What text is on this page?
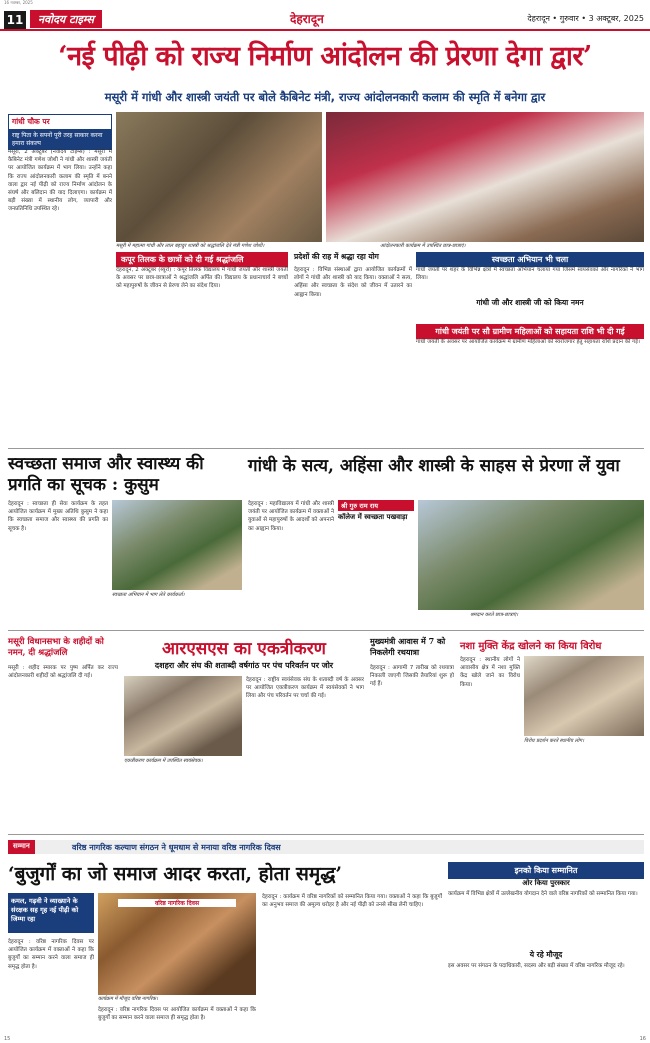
16 नवम्बर, 2025
11	नवोदय टाइम्स	देहरादून	देहरादून • गुरुवार • 3 अक्टूबर, 2025
‘नई पीढ़ी को राज्य निर्माण आंदोलन की प्रेरणा देगा द्वार’
मसूरी में गांधी और शास्त्री जयंती पर बोले कैबिनेट मंत्री, राज्य आंदोलनकारी कलाम की स्मृति में बनेगा द्वार
गांधी चौक पर
राष्ट्र पिता के सपनों पूरी तरह साकार करना हमारा संकल्प
मसूरी, 2 अक्टूबर (नवोदय टाइम्स) : मसूरी में कैबिनेट मंत्री गणेश जोशी ने गांधी और शास्त्री जयंती पर आयोजित कार्यक्रम में भाग लिया। उन्होंने कहा कि राज्य आंदोलनकारी कलाम की स्मृति में बनने वाला द्वार नई पीढ़ी को राज्य निर्माण आंदोलन के संघर्ष और बलिदान की याद दिलाएगा। कार्यक्रम में बड़ी संख्या में स्थानीय लोग, व्यापारी और जनप्रतिनिधि उपस्थित रहे।
मसूरी में महात्मा गांधी और लाल बहादुर शास्त्री को श्रद्धांजलि देते मंत्री गणेश जोशी।	आंदोलनकारी कार्यक्रम में उपस्थित छात्र-छात्राएं।
कपूर तिलक के छात्रों को दी गई श्रद्धांजलि
देहरादून, 2 अक्टूबर (ब्यूरो) : कपूर तिलक विद्यालय में गांधी जयंती और शास्त्री जयंती के अवसर पर छात्र-छात्राओं ने श्रद्धांजलि अर्पित की। विद्यालय के प्रधानाचार्य ने बच्चों को महापुरुषों के जीवन से प्रेरणा लेने का संदेश दिया।
प्रदेशों की राह में श्रद्धा रहा योग
देहरादून : विभिन्न संस्थाओं द्वारा आयोजित कार्यक्रमों में लोगों ने गांधी और शास्त्री को याद किया। वक्ताओं ने सत्य, अहिंसा और स्वच्छता के संदेश को जीवन में उतारने का आह्वान किया।
स्वच्छता अभियान भी चला
गांधी जयंती पर शहर के विभिन्न क्षेत्रों में स्वच्छता अभियान चलाया गया जिसमें स्वयंसेवकों और नागरिकों ने भाग लिया।
गांधी जी और शास्त्री जी को किया नमन
गांधी जयंती पर सौ ग्रामीण महिलाओं को सहायता राशि भी दी गई
गांधी जयंती के अवसर पर आयोजित कार्यक्रम में ग्रामीण महिलाओं को स्वरोजगार हेतु सहायता राशि प्रदान की गई।
स्वच्छता समाज और स्वास्थ्य की प्रगति का सूचक : कुसुम
देहरादून : स्वच्छता ही सेवा कार्यक्रम के तहत आयोजित कार्यक्रम में मुख्य अतिथि कुसुम ने कहा कि स्वच्छता समाज और स्वास्थ्य की प्रगति का सूचक है।
स्वच्छता अभियान में भाग लेते कार्यकर्ता।
गांधी के सत्य, अहिंसा और शास्त्री के साहस से प्रेरणा लें युवा
श्री गुरु राम राय
कॉलेज में स्वच्छता पखवाड़ा
देहरादून : महाविद्यालय में गांधी और शास्त्री जयंती पर आयोजित कार्यक्रम में वक्ताओं ने युवाओं से महापुरुषों के आदर्शों को अपनाने का आह्वान किया।
श्रमदान करते छात्र-छात्राएं।
मसूरी विधानसभा के शहीदों को नमन, दी श्रद्धांजलि
मसूरी : शहीद स्मारक पर पुष्प अर्पित कर राज्य आंदोलनकारी शहीदों को श्रद्धांजलि दी गई।
आरएसएस का एकत्रीकरण
दशहरा और संघ की शताब्दी वर्षगांठ पर पंच परिवर्तन पर जोर
एकत्रीकरण कार्यक्रम में उपस्थित स्वयंसेवक।
देहरादून : राष्ट्रीय स्वयंसेवक संघ के शताब्दी वर्ष के अवसर पर आयोजित एकत्रीकरण कार्यक्रम में स्वयंसेवकों ने भाग लिया और पंच परिवर्तन पर चर्चा की गई।
मुख्यमंत्री आवास में 7 को निकलेगी रथयात्रा
देहरादून : आगामी 7 तारीख को रथयात्रा निकाली जाएगी जिसकी तैयारियां शुरू हो गई हैं।
नशा मुक्ति केंद्र खोलने का किया विरोध
देहरादून : स्थानीय लोगों ने आवासीय क्षेत्र में नशा मुक्ति केंद्र खोले जाने का विरोध किया।
विरोध प्रदर्शन करते स्थानीय लोग।
सम्मान	वरिष्ठ नागरिक कल्याण संगठन ने धूमधाम से मनाया वरिष्ठ नागरिक दिवस
‘बुजुर्गों का जो समाज आदर करता, होता समृद्ध’
कमल, गढ़वी ने व्याख्याने के संरक्षक सह गृह नई पीढ़ी को जिम्मा रहा
देहरादून : वरिष्ठ नागरिक दिवस पर आयोजित कार्यक्रम में वक्ताओं ने कहा कि बुजुर्गों का सम्मान करने वाला समाज ही समृद्ध होता है।
वरिष्ठ नागरिक दिवस
कार्यक्रम में मौजूद वरिष्ठ नागरिक।
देहरादून : वरिष्ठ नागरिक दिवस पर आयोजित कार्यक्रम में वक्ताओं ने कहा कि बुजुर्गों का सम्मान करने वाला समाज ही समृद्ध होता है।
देहरादून : कार्यक्रम में वरिष्ठ नागरिकों को सम्मानित किया गया। वक्ताओं ने कहा कि बुजुर्गों का अनुभव समाज की अमूल्य धरोहर है और नई पीढ़ी को उनसे सीख लेनी चाहिए।
इनको किया सम्मानित
ओर किया पुरस्कार
कार्यक्रम में विभिन्न क्षेत्रों में उल्लेखनीय योगदान देने वाले वरिष्ठ नागरिकों को सम्मानित किया गया।
ये रहे मौजूद
इस अवसर पर संगठन के पदाधिकारी, सदस्य और बड़ी संख्या में वरिष्ठ नागरिक मौजूद रहे।
15	16
